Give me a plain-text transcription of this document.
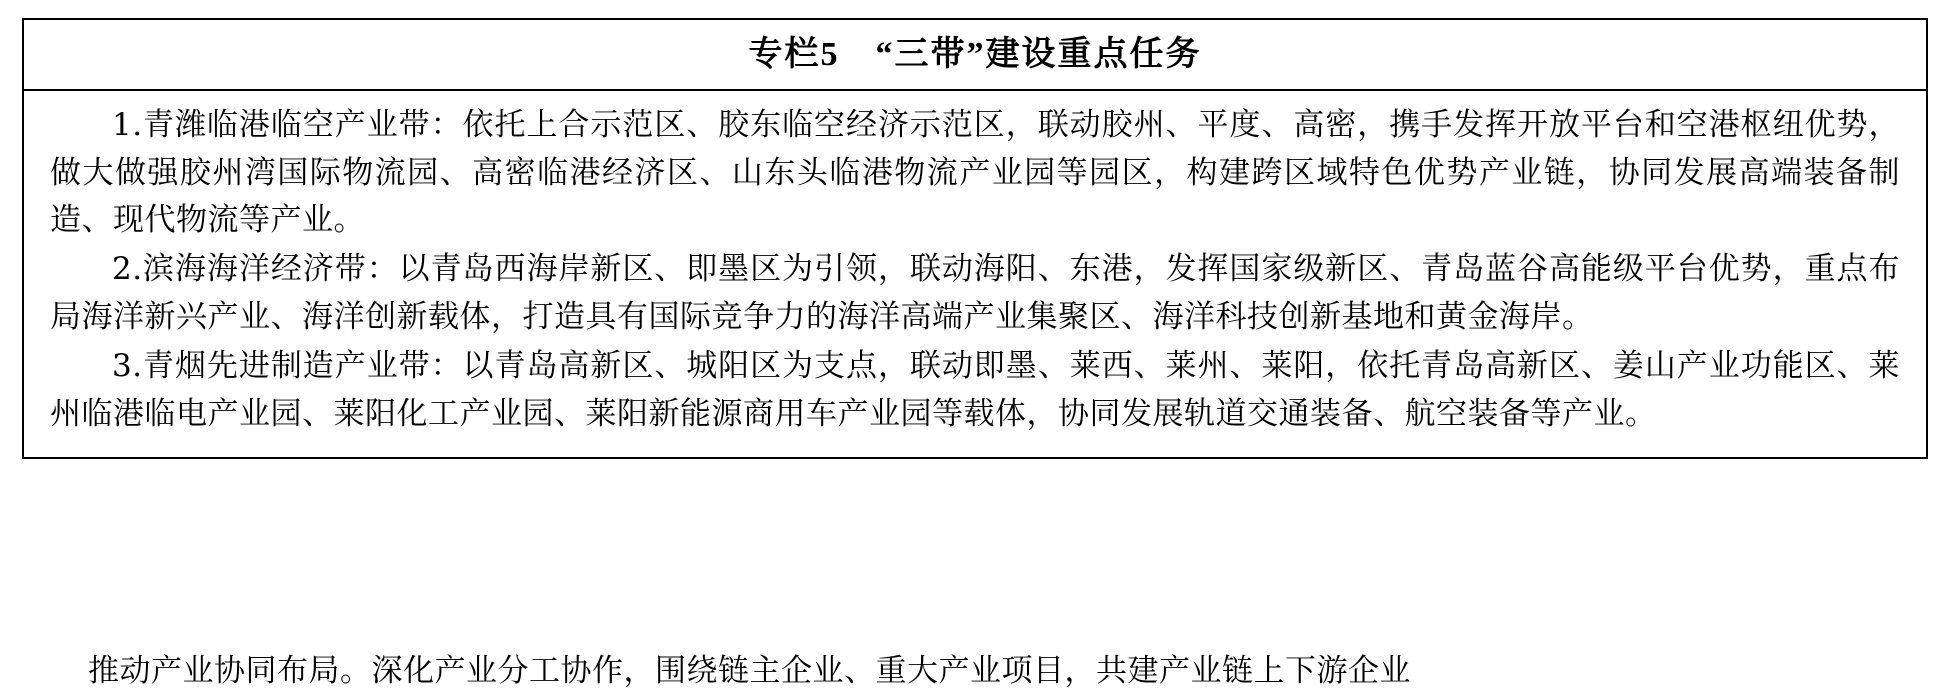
专栏5 “三带”建设重点任务

1.青潍临港临空产业带：依托上合示范区、胶东临空经济示范区，联动胶州、平度、高密，携手发挥开放平台和空港枢纽优势，做大做强胶州湾国际物流园、高密临港经济区、山东头临港物流产业园等园区，构建跨区域特色优势产业链，协同发展高端装备制造、现代物流等产业。

2.滨海海洋经济带：以青岛西海岸新区、即墨区为引领，联动海阳、东港，发挥国家级新区、青岛蓝谷高能级平台优势，重点布局海洋新兴产业、海洋创新载体，打造具有国际竞争力的海洋高端产业集聚区、海洋科技创新基地和黄金海岸。

3.青烟先进制造产业带：以青岛高新区、城阳区为支点，联动即墨、莱西、莱州、莱阳，依托青岛高新区、姜山产业功能区、莱州临港临电产业园、莱阳化工产业园、莱阳新能源商用车产业园等载体，协同发展轨道交通装备、航空装备等产业。

推动产业协同布局。深化产业分工协作，围绕链主企业、重大产业项目，共建产业链上下游企业
